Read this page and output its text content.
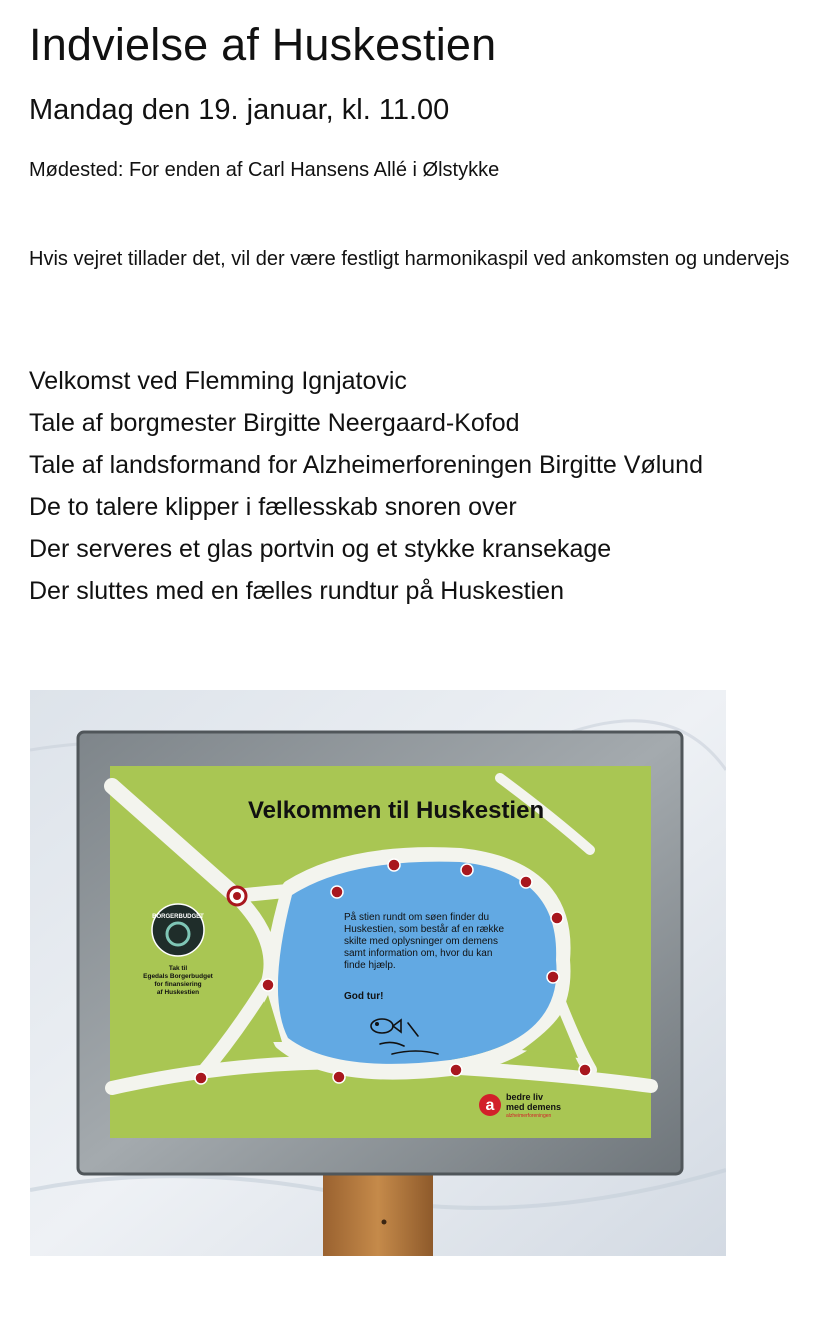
Indvielse af Huskestien
Mandag den 19. januar, kl. 11.00
Mødested: For enden af Carl Hansens Allé i Ølstykke
Hvis vejret tillader det, vil der være festligt harmonikaspil ved ankomsten og undervejs
Velkomst ved Flemming Ignjatovic
Tale af borgmester Birgitte Neergaard-Kofod
Tale af landsformand for Alzheimerforeningen Birgitte Vølund
De to talere klipper i fællesskab snoren over
Der serveres et glas portvin og et stykke kransekage
Der sluttes med en fælles rundtur på Huskestien
Velkommen til Huskestien
På stien rundt om søen finder du
Huskestien, som består af en række
skilte med oplysninger om demens
samt information om, hvor du kan
finde hjælp.
God tur!
BORGERBUDGET
Tak til
Egedals Borgerbudget
for finansiering
af Huskestien
a bedre liv
med demens
alzheimerforeningen
